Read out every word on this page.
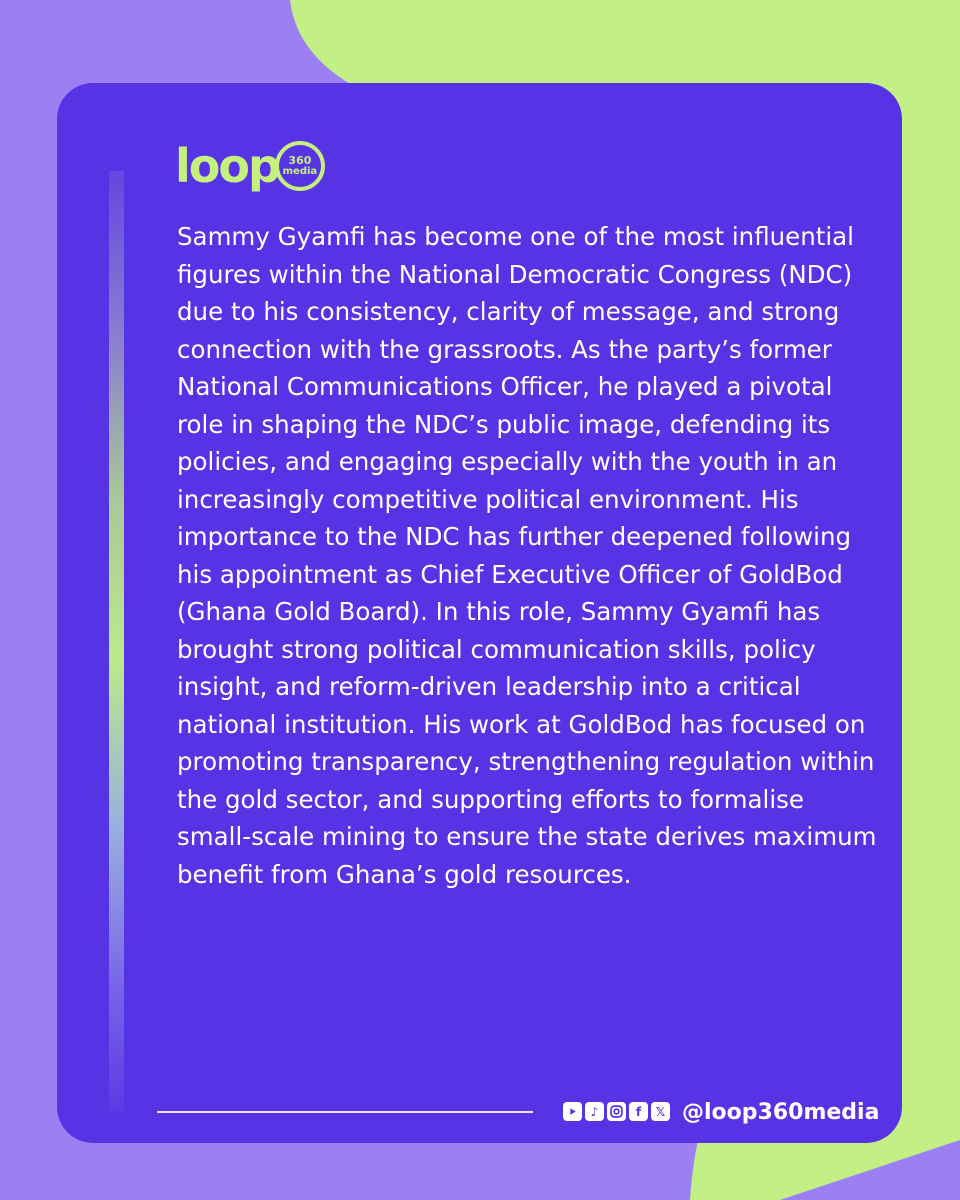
loop 360
media

Sammy Gyamfi has become one of the most influential figures within the National Democratic Congress (NDC) due to his consistency, clarity of message, and strong connection with the grassroots. As the party’s former National Communications Officer, he played a pivotal role in shaping the NDC’s public image, defending its policies, and engaging especially with the youth in an increasingly competitive political environment. His importance to the NDC has further deepened following his appointment as Chief Executive Officer of GoldBod (Ghana Gold Board). In this role, Sammy Gyamfi has brought strong political communication skills, policy insight, and reform-driven leadership into a critical national institution. His work at GoldBod has focused on promoting transparency, strengthening regulation within the gold sector, and supporting efforts to formalise small-scale mining to ensure the state derives maximum benefit from Ghana’s gold resources.

♪	f	𝕏 @loop360media
